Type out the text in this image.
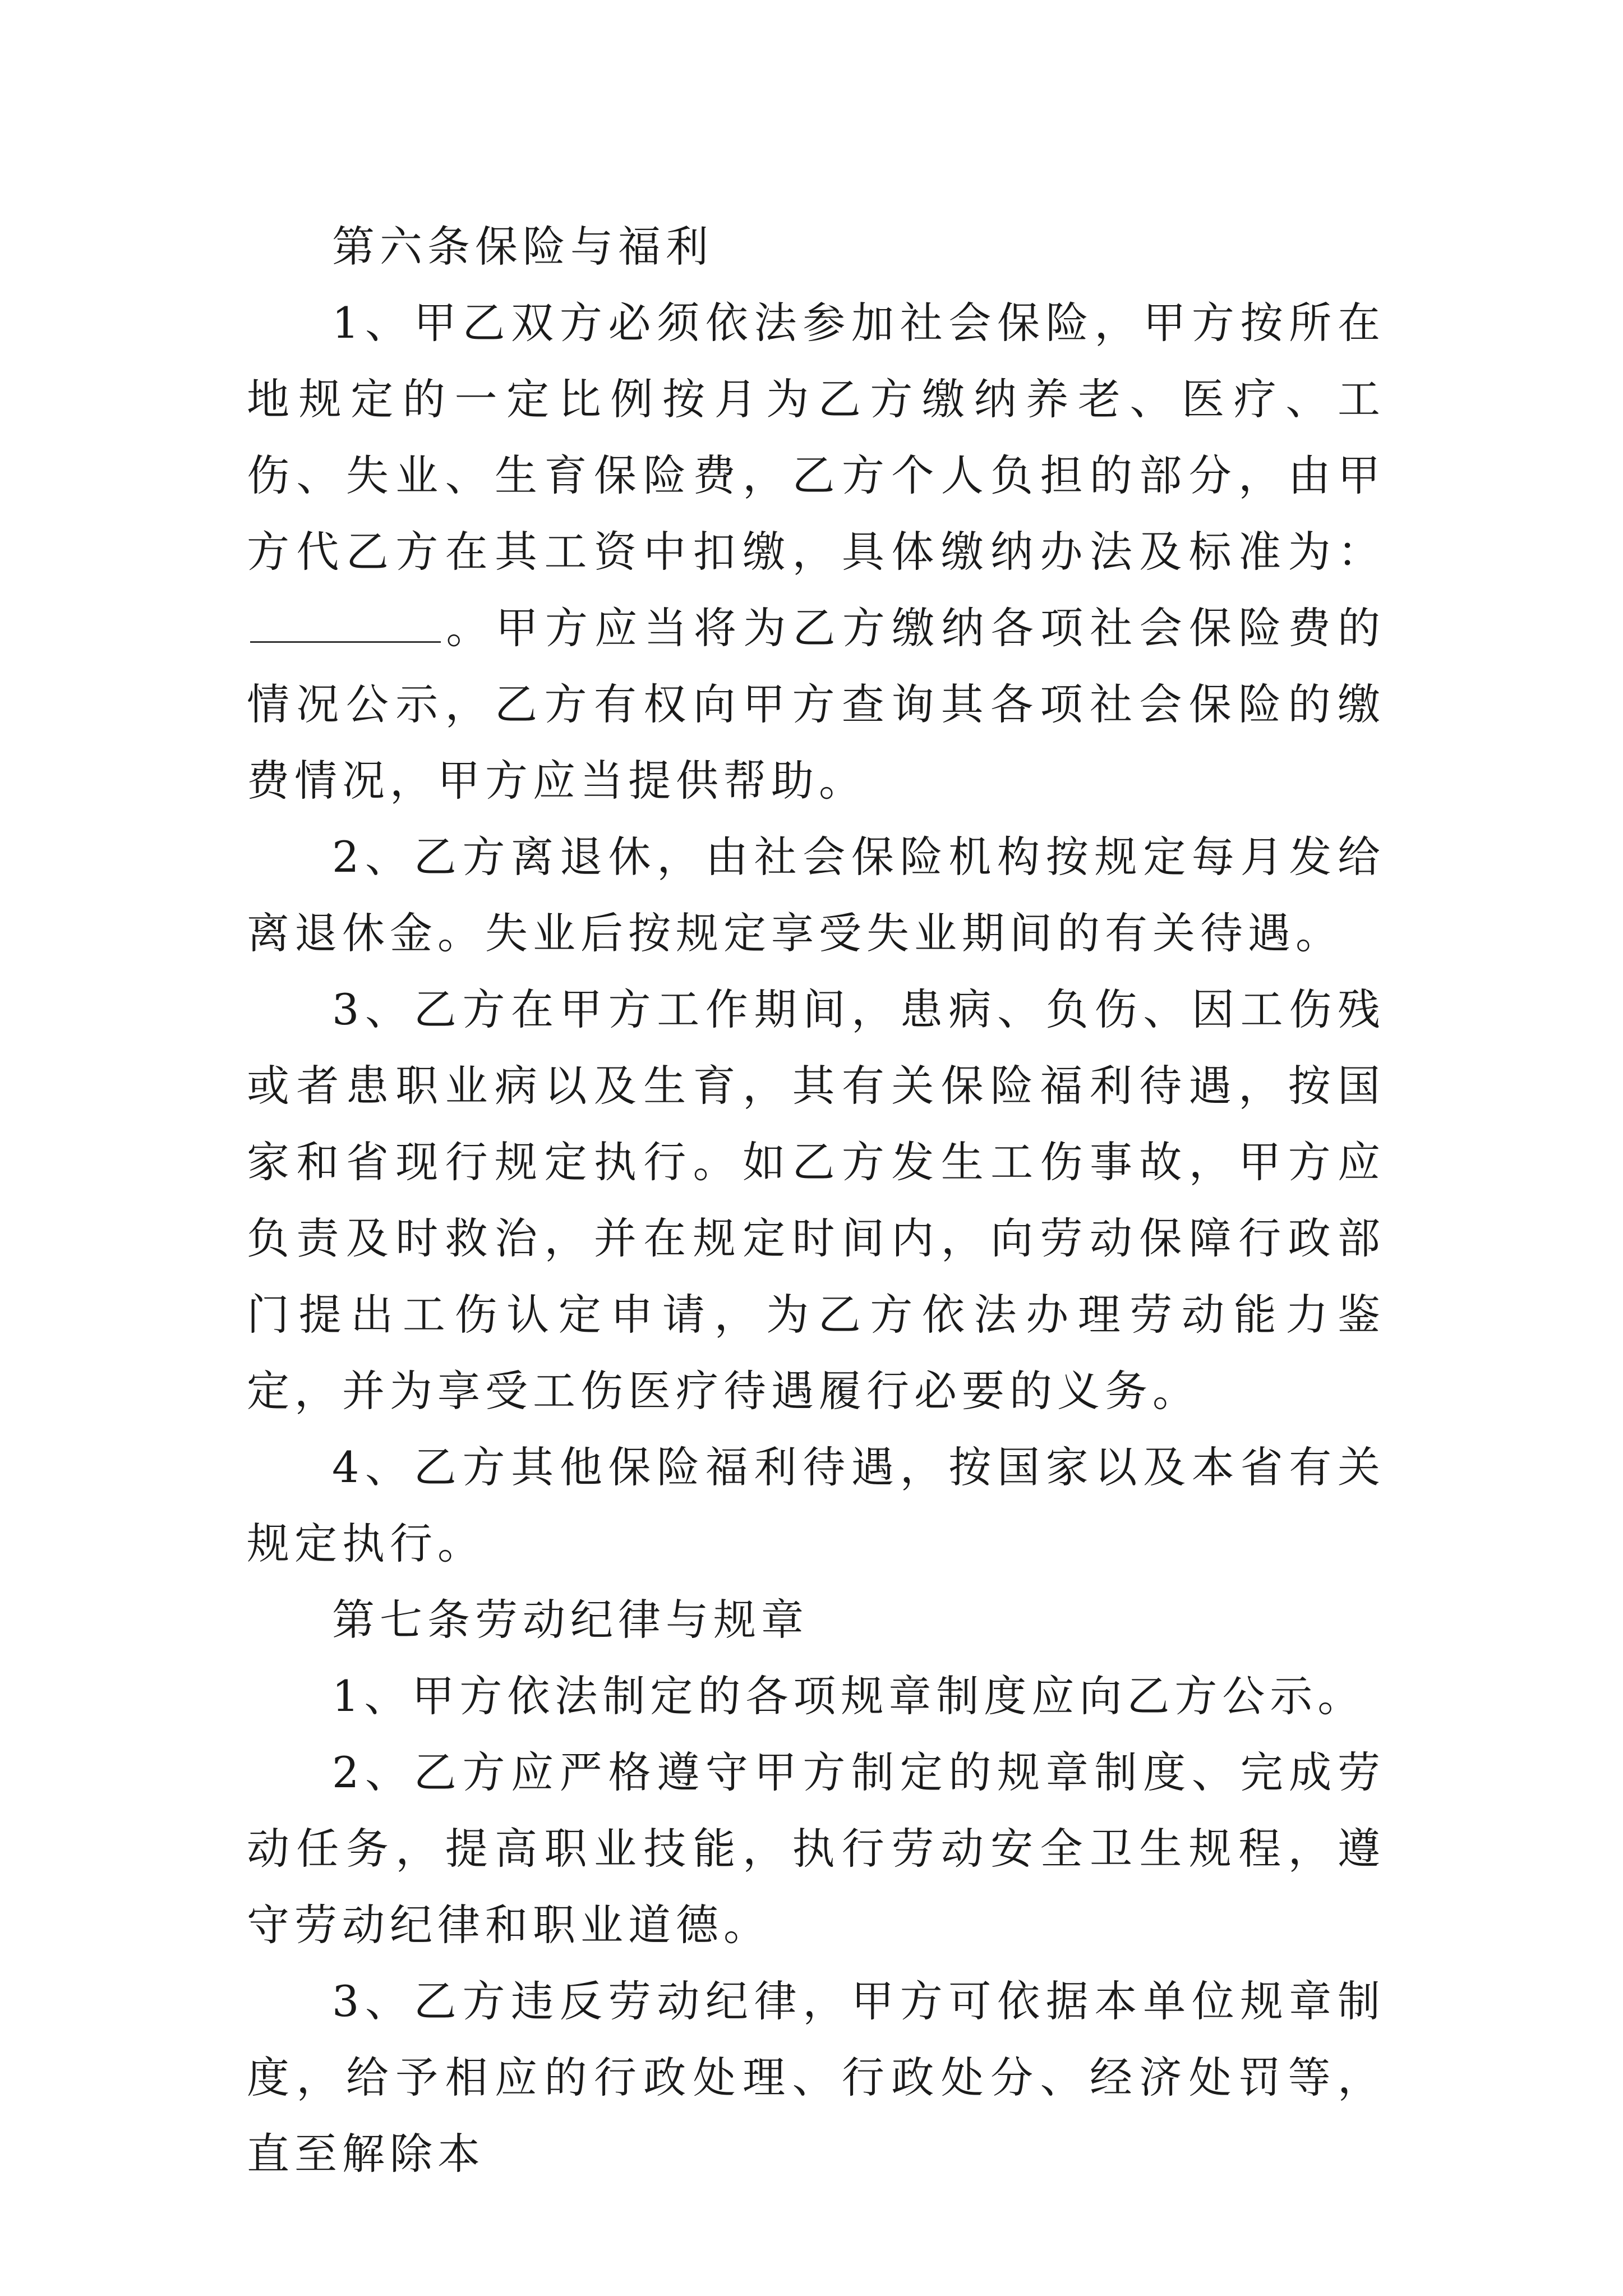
第六条保险与福利

1、甲乙双方必须依法参加社会保险，甲方按所在地规定的一定比例按月为乙方缴纳养老、医疗、工伤、失业、生育保险费，乙方个人负担的部分，由甲方代乙方在其工资中扣缴，具体缴纳办法及标准为：。甲方应当将为乙方缴纳各项社会保险费的情况公示，乙方有权向甲方查询其各项社会保险的缴费情况，甲方应当提供帮助。

2、乙方离退休，由社会保险机构按规定每月发给离退休金。失业后按规定享受失业期间的有关待遇。

3、乙方在甲方工作期间，患病、负伤、因工伤残或者患职业病以及生育，其有关保险福利待遇，按国家和省现行规定执行。如乙方发生工伤事故，甲方应负责及时救治，并在规定时间内，向劳动保障行政部门提出工伤认定申请，为乙方依法办理劳动能力鉴定，并为享受工伤医疗待遇履行必要的义务。

4、乙方其他保险福利待遇，按国家以及本省有关规定执行。

第七条劳动纪律与规章

1、甲方依法制定的各项规章制度应向乙方公示。

2、乙方应严格遵守甲方制定的规章制度、完成劳动任务，提高职业技能，执行劳动安全卫生规程，遵守劳动纪律和职业道德。

3、乙方违反劳动纪律，甲方可依据本单位规章制度，给予相应的行政处理、行政处分、经济处罚等，直至解除本
